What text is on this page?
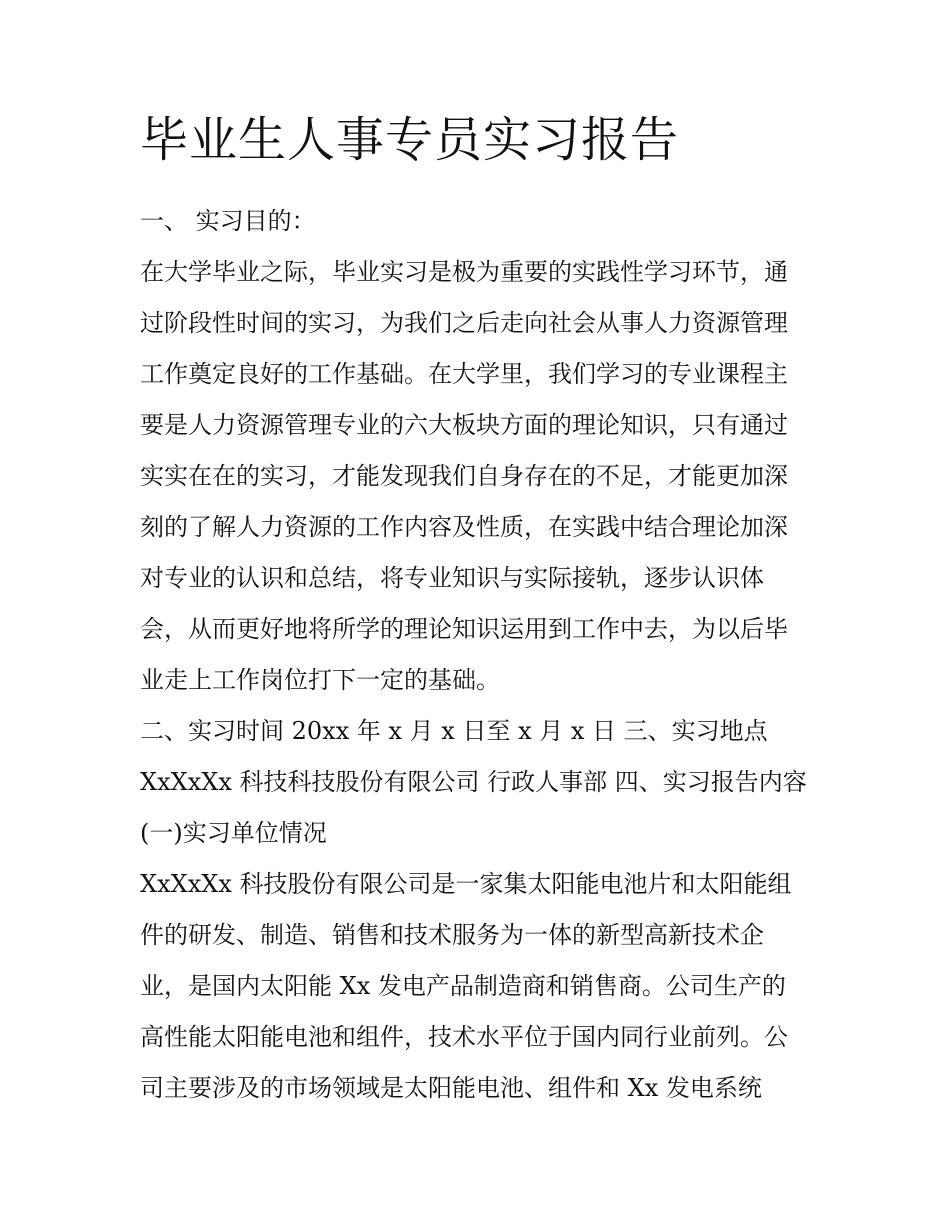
毕业生人事专员实习报告

一、 实习目的：

在大学毕业之际，毕业实习是极为重要的实践性学习环节，通

过阶段性时间的实习，为我们之后走向社会从事人力资源管理

工作奠定良好的工作基础。在大学里，我们学习的专业课程主

要是人力资源管理专业的六大板块方面的理论知识，只有通过

实实在在的实习，才能发现我们自身存在的不足，才能更加深

刻的了解人力资源的工作内容及性质，在实践中结合理论加深

对专业的认识和总结，将专业知识与实际接轨，逐步认识体

会，从而更好地将所学的理论知识运用到工作中去，为以后毕

业走上工作岗位打下一定的基础。

二、实习时间 20xx 年 x 月 x 日至 x 月 x 日 三、实习地点

XxXxXx 科技科技股份有限公司 行政人事部 四、实习报告内容

(一)实习单位情况

XxXxXx 科技股份有限公司是一家集太阳能电池片和太阳能组

件的研发、制造、销售和技术服务为一体的新型高新技术企

业，是国内太阳能 Xx 发电产品制造商和销售商。公司生产的

高性能太阳能电池和组件，技术水平位于国内同行业前列。公

司主要涉及的市场领域是太阳能电池、组件和 Xx 发电系统
